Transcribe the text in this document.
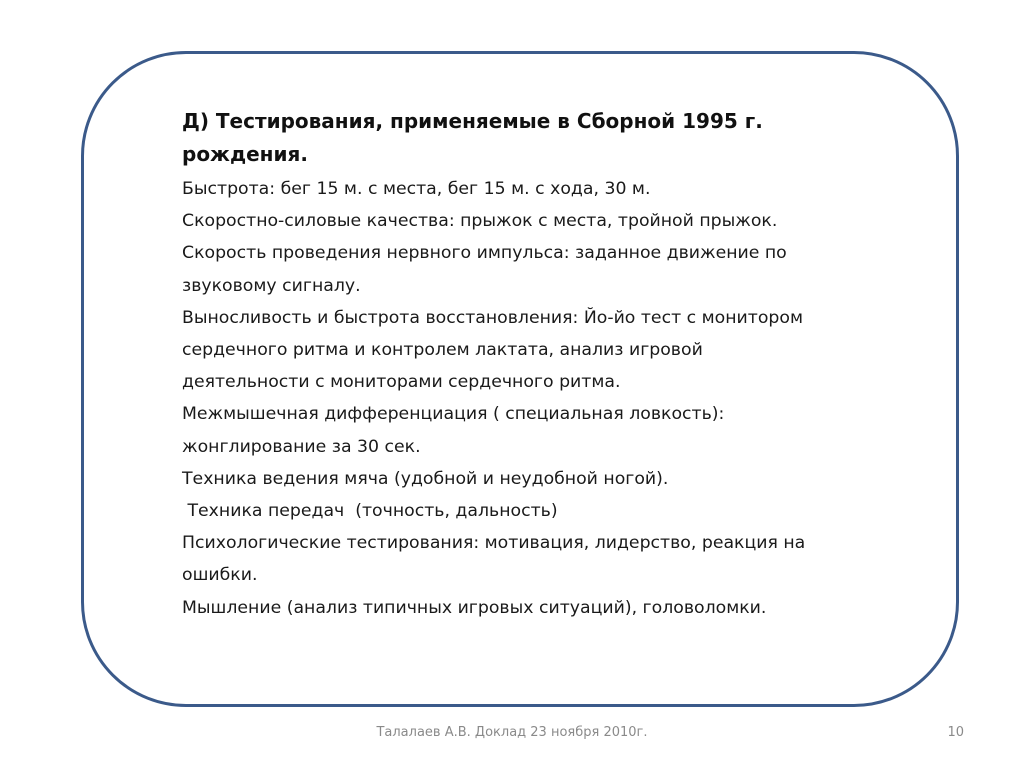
Д) Тестирования, применяемые в Сборной 1995 г.
рождения.
Быстрота: бег 15 м. с места, бег 15 м. с хода, 30 м.
Скоростно-силовые качества: прыжок с места, тройной прыжок.
Скорость проведения нервного импульса: заданное движение по
звуковому сигналу.
Выносливость и быстрота восстановления: Йо-йо тест с монитором
сердечного ритма и контролем лактата, анализ игровой
деятельности с мониторами сердечного ритма.
Межмышечная дифференциация ( специальная ловкость):
жонглирование за 30 сек.
Техника ведения мяча (удобной и неудобной ногой).
Техника передач  (точность, дальность)
Психологические тестирования: мотивация, лидерство, реакция на
ошибки.
Мышление (анализ типичных игровых ситуаций), головоломки.
Талалаев А.В. Доклад 23 ноября 2010г.	10
